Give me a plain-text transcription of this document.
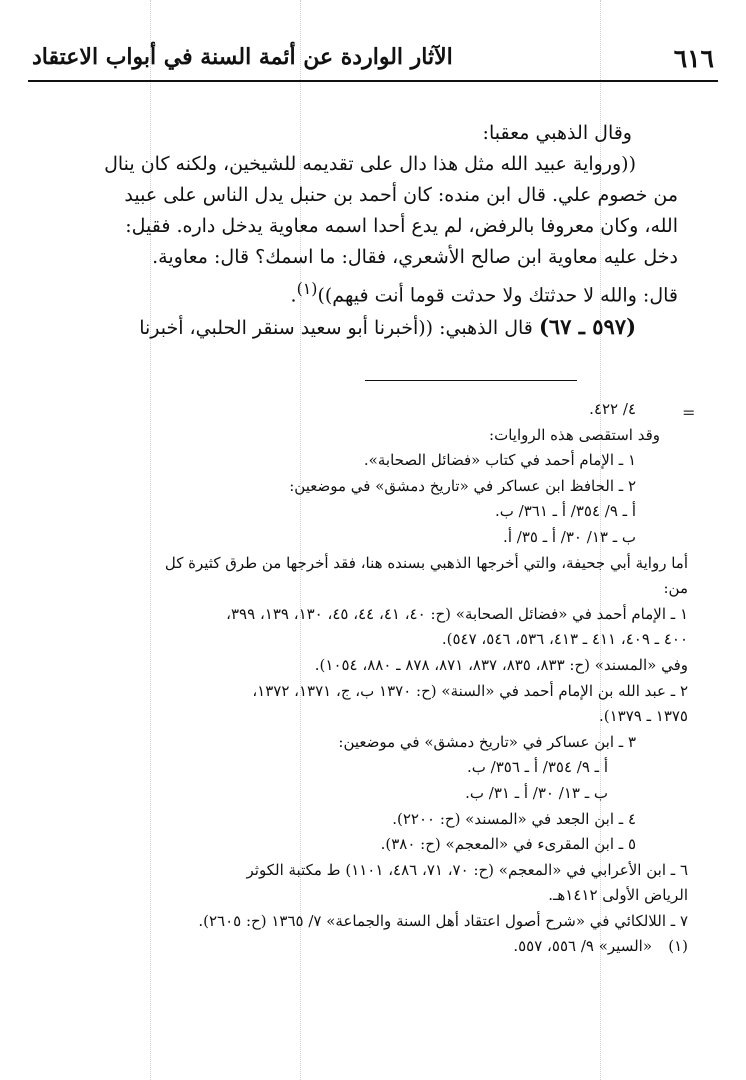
٦١٦
الآثار الواردة عن أئمة السنة في أبواب الاعتقاد

وقال الذهبي معقبا:

((ورواية عبيد الله مثل هذا دال على تقديمه للشيخين، ولكنه كان ينال

من خصوم علي. قال ابن منده: كان أحمد بن حنبل يدل الناس على عبيد

الله، وكان معروفا بالرفض، لم يدع أحدا اسمه معاوية يدخل داره. فقيل:

دخل عليه معاوية ابن صالح الأشعري، فقال: ما اسمك؟ قال: معاوية.

قال: والله لا حدثتك ولا حدثت قوما أنت فيهم))$^{(١)}$.

(٥٩٧ ـ ٦٧) قال الذهبي: ((أخبرنا أبو سعيد سنقر الحلبي، أخبرنا

=

٤/ ٤٢٢.

وقد استقصى هذه الروايات:

١ ـ الإمام أحمد في كتاب «فضائل الصحابة».

٢ ـ الحافظ ابن عساكر في «تاريخ دمشق» في موضعين:

أ ـ ٩/ ٣٥٤/ أ ـ ٣٦١/ ب.

ب ـ ١٣/ ٣٠/ أ ـ ٣٥/ أ.

أما رواية أبي جحيفة، والتي أخرجها الذهبي بسنده هنا، فقد أخرجها من طرق كثيرة كل

من:

١ ـ الإمام أحمد في «فضائل الصحابة» (ح: ٤٠، ٤١، ٤٤، ٤٥، ١٣٠، ١٣٩، ٣٩٩،

٤٠٠ ـ ٤٠٩، ٤١١ ـ ٤١٣، ٥٣٦، ٥٤٦، ٥٤٧).

وفي «المسند» (ح: ٨٣٣، ٨٣٥، ٨٣٧، ٨٧١، ٨٧٨ ـ ٨٨٠، ١٠٥٤).

٢ ـ عبد الله بن الإمام أحمد في «السنة» (ح: ١٣٧٠ ب، ج، ١٣٧١، ١٣٧٢،

١٣٧٥ ـ ١٣٧٩).

٣ ـ ابن عساكر في «تاريخ دمشق» في موضعين:

أ ـ ٩/ ٣٥٤/ أ ـ ٣٥٦/ ب.

ب ـ ١٣/ ٣٠/ أ ـ ٣١/ ب.

٤ ـ ابن الجعد في «المسند» (ح: ٢٢٠٠).

٥ ـ ابن المقرىء في «المعجم» (ح: ٣٨٠).

٦ ـ ابن الأعرابي في «المعجم» (ح: ٧٠، ٧١، ٤٨٦، ١١٠١) ط مكتبة الكوثر

الرياض الأولى ١٤١٢هـ.

٧ ـ اللالكائي في «شرح أصول اعتقاد أهل السنة والجماعة» ٧/ ١٣٦٥ (ح: ٢٦٠٥).

(١)«السير» ٩/ ٥٥٦، ٥٥٧.
